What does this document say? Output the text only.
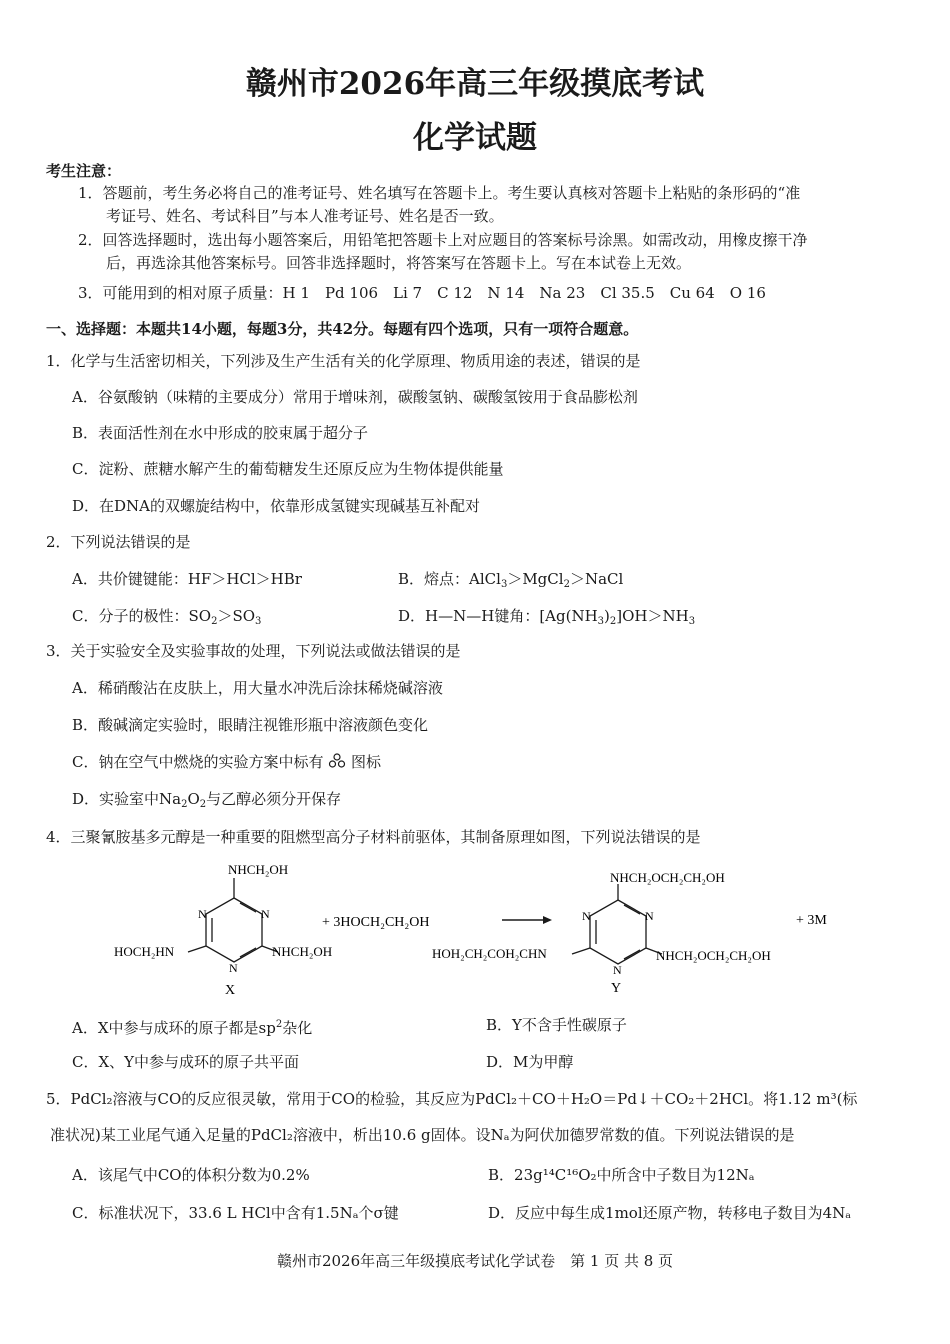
赣州市2026年高三年级摸底考试
化学试题
考生注意：
1．答题前，考生务必将自己的准考证号、姓名填写在答题卡上。考生要认真核对答题卡上粘贴的条形码的“准
考证号、姓名、考试科目”与本人准考证号、姓名是否一致。
2．回答选择题时，选出每小题答案后，用铅笔把答题卡上对应题目的答案标号涂黑。如需改动，用橡皮擦干净
后，再选涂其他答案标号。回答非选择题时，将答案写在答题卡上。写在本试卷上无效。
3．可能用到的相对原子质量：H 1　Pd 106　Li 7　C 12　N 14　Na 23　Cl 35.5　Cu 64　O 16
一、选择题：本题共14小题，每题3分，共42分。每题有四个选项，只有一项符合题意。
1．化学与生活密切相关，下列涉及生产生活有关的化学原理、物质用途的表述，错误的是
A．谷氨酸钠（味精的主要成分）常用于增味剂，碳酸氢钠、碳酸氢铵用于食品膨松剂
B．表面活性剂在水中形成的胶束属于超分子
C．淀粉、蔗糖水解产生的葡萄糖发生还原反应为生物体提供能量
D．在DNA的双螺旋结构中，依靠形成氢键实现碱基互补配对
2．下列说法错误的是
A．共价键键能：HF＞HCl＞HBr	B．熔点：AlCl$_3$＞MgCl$_2$＞NaCl
C．分子的极性：$SO_2>SO_3$	D．H—N—H键角：$[Ag(NH_3)_2]OH>NH_3$
3．关于实验安全及实验事故的处理，下列说法或做法错误的是
A．稀硝酸沾在皮肤上，用大量水冲洗后涂抹稀烧碱溶液
B．酸碱滴定实验时，眼睛注视锥形瓶中溶液颜色变化
C．钠在空气中燃烧的实验方案中标有 图标
D．实验室中$Na_2O_2$与乙醇必须分开保存
4．三聚氰胺基多元醇是一种重要的阻燃型高分子材料前驱体，其制备原理如图，下列说法错误的是
N	N
N
NHCH₂OH
HOCH₂HN	NHCH₂OH
X
+ 3HOCH₂CH₂OH	N	N
N
NHCH₂OCH₂CH₂OH
HOH₂CH₂COH₂CHN	NHCH₂OCH₂CH₂OH
Y
+ 3M
A．X中参与成环的原子都是$sp^2$杂化	B．Y不含手性碳原子
C．X、Y中参与成环的原子共平面	D．M为甲醇
5．PdCl₂溶液与CO的反应很灵敏，常用于CO的检验，其反应为PdCl₂＋CO＋H₂O＝Pd↓＋CO₂＋2HCl。将1.12 m³(标
准状况)某工业尾气通入足量的PdCl₂溶液中，析出10.6 g固体。设Nₐ为阿伏加德罗常数的值。下列说法错误的是
A．该尾气中CO的体积分数为0.2%	B．23g¹⁴C¹⁶O₂中所含中子数目为12Nₐ
C．标准状况下，33.6 L HCl中含有1.5Nₐ个σ键	D．反应中每生成1mol还原产物，转移电子数目为4Nₐ
赣州市2026年高三年级摸底考试化学试卷　第 1 页 共 8 页
